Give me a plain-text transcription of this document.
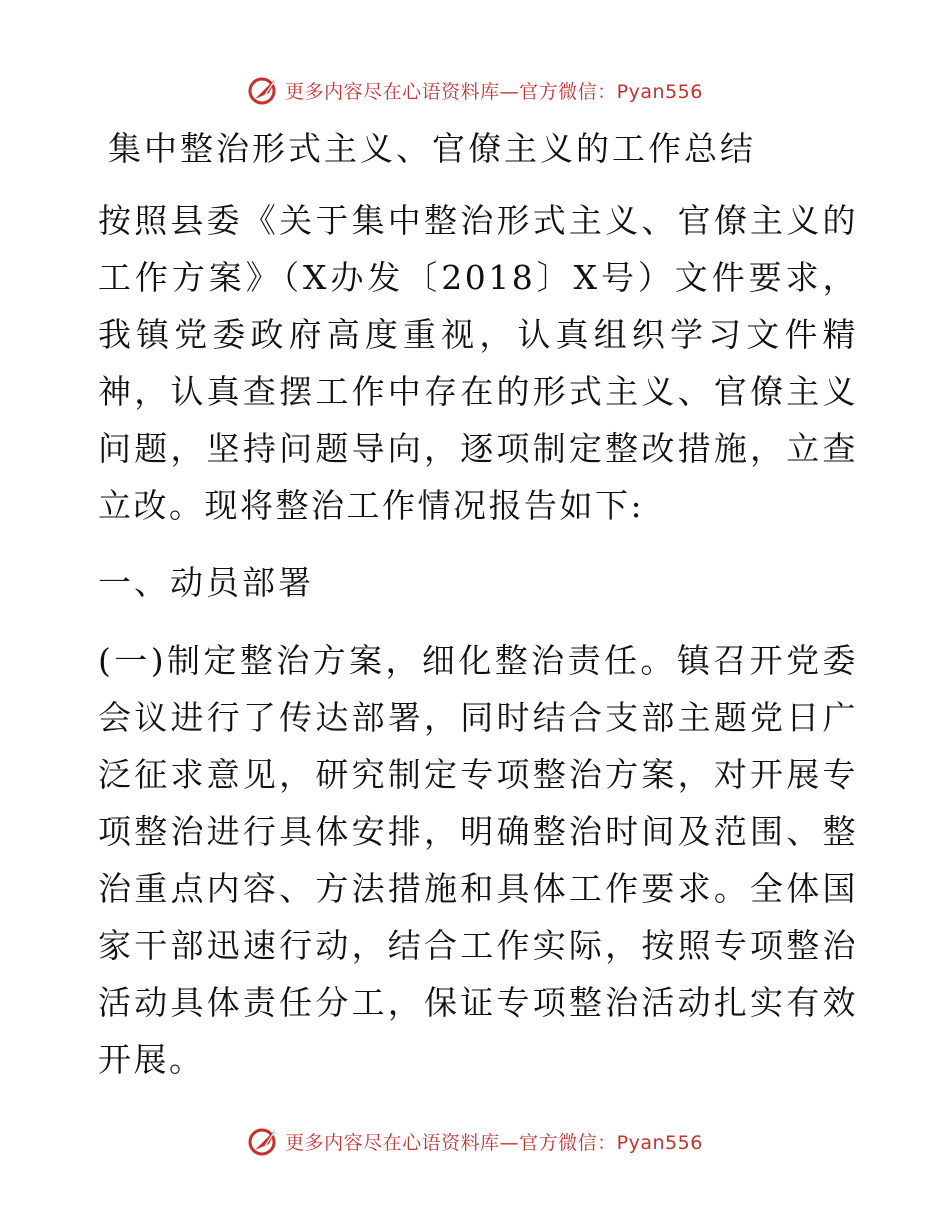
更多内容尽在心语资料库—官方微信：Pyan556
集中整治形式主义、官僚主义的工作总结

按照县委《关于集中整治形式主义、官僚主义的工作方案》（X办发〔2018〕X号）文件要求，我镇党委政府高度重视，认真组织学习文件精神，认真查摆工作中存在的形式主义、官僚主义问题，坚持问题导向，逐项制定整改措施，立查立改。现将整治工作情况报告如下:

一、动员部署

(一)制定整治方案，细化整治责任。镇召开党委会议进行了传达部署，同时结合支部主题党日广泛征求意见，研究制定专项整治方案，对开展专项整治进行具体安排，明确整治时间及范围、整治重点内容、方法措施和具体工作要求。全体国家干部迅速行动，结合工作实际，按照专项整治活动具体责任分工，保证专项整治活动扎实有效开展。

更多内容尽在心语资料库—官方微信：Pyan556
